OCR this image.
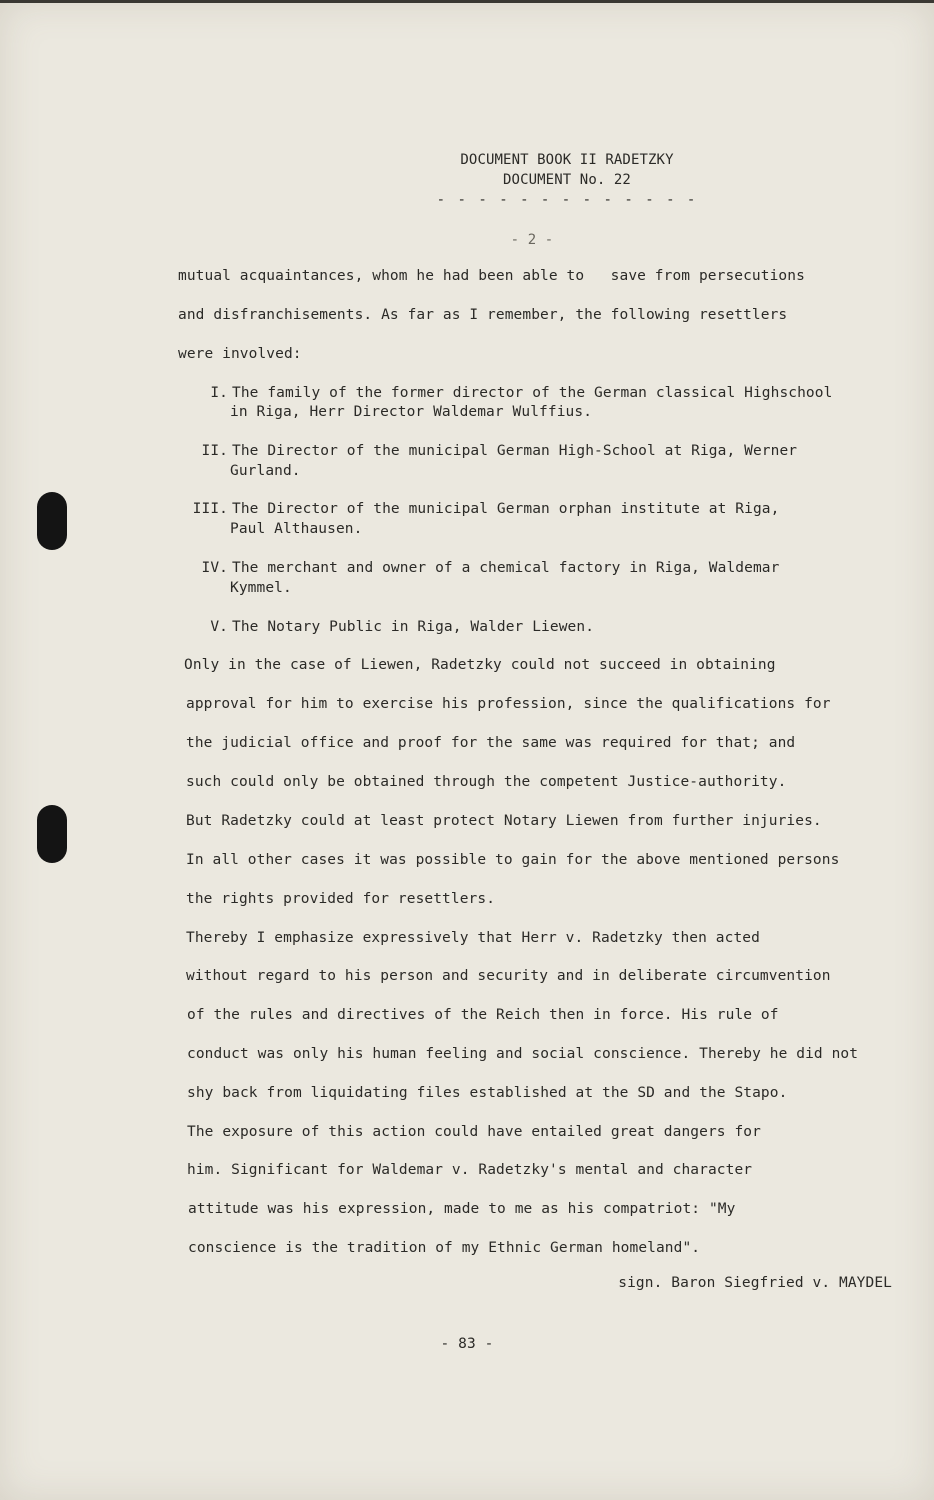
DOCUMENT BOOK II RADETZKY
DOCUMENT No. 22
- - - - - - - - - - - - -
- 2 -
mutual acquaintances, whom he had been able to   save from persecutions
and disfranchisements. As far as I remember, the following resettlers
were involved:
I. The family of the former director of the German classical Highschool
in Riga, Herr Director Waldemar Wulffius.
II. The Director of the municipal German High-School at Riga, Werner
Gurland.
III. The Director of the municipal German orphan institute at Riga,
Paul Althausen.
IV. The merchant and owner of a chemical factory in Riga, Waldemar
Kymmel.
V. The Notary Public in Riga, Walder Liewen.
Only in the case of Liewen, Radetzky could not succeed in obtaining
approval for him to exercise his profession, since the qualifications for
the judicial office and proof for the same was required for that; and
such could only be obtained through the competent Justice-authority.
But Radetzky could at least protect Notary Liewen from further injuries.
In all other cases it was possible to gain for the above mentioned persons
the rights provided for resettlers.
Thereby I emphasize expressively that Herr v. Radetzky then acted
without regard to his person and security and in deliberate circumvention
of the rules and directives of the Reich then in force. His rule of
conduct was only his human feeling and social conscience. Thereby he did not
shy back from liquidating files established at the SD and the Stapo.
The exposure of this action could have entailed great dangers for
him. Significant for Waldemar v. Radetzky's mental and character
attitude was his expression, made to me as his compatriot: "My
conscience is the tradition of my Ethnic German homeland".
sign. Baron Siegfried v. MAYDEL
- 83 -
